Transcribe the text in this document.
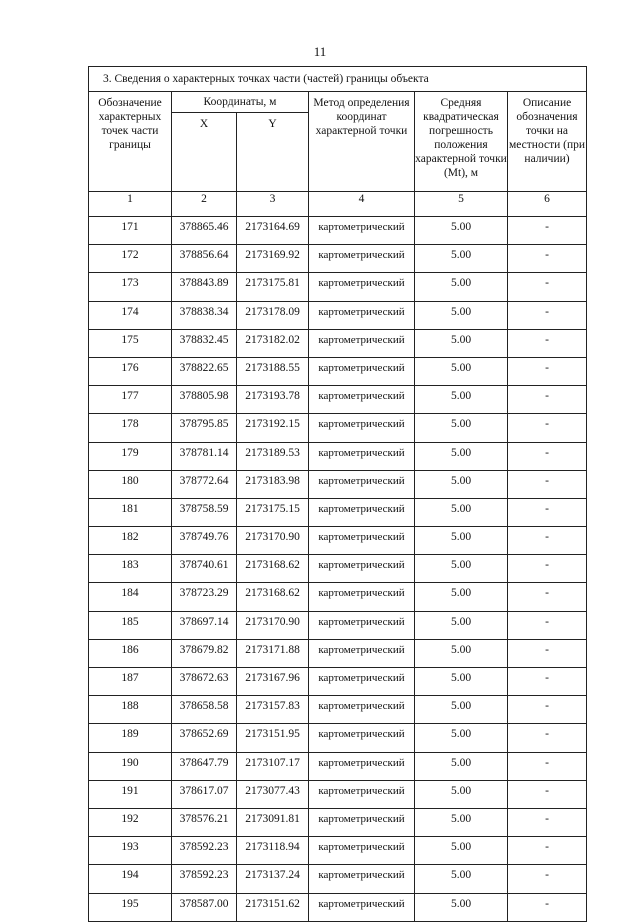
11
3. Сведения о характерных точках части (частей) границы объекта					
Обозначение характерных точек части границы	Координаты, м		Метод определения координат характерной точки	Средняя квадратическая погрешность положения характерной точки (Mt), м	Описание обозначения точки на местности (при наличии)
	X	Y			
1	2	3	4	5	6
171	378865.46	2173164.69	картометрический	5.00	-
172	378856.64	2173169.92	картометрический	5.00	-
173	378843.89	2173175.81	картометрический	5.00	-
174	378838.34	2173178.09	картометрический	5.00	-
175	378832.45	2173182.02	картометрический	5.00	-
176	378822.65	2173188.55	картометрический	5.00	-
177	378805.98	2173193.78	картометрический	5.00	-
178	378795.85	2173192.15	картометрический	5.00	-
179	378781.14	2173189.53	картометрический	5.00	-
180	378772.64	2173183.98	картометрический	5.00	-
181	378758.59	2173175.15	картометрический	5.00	-
182	378749.76	2173170.90	картометрический	5.00	-
183	378740.61	2173168.62	картометрический	5.00	-
184	378723.29	2173168.62	картометрический	5.00	-
185	378697.14	2173170.90	картометрический	5.00	-
186	378679.82	2173171.88	картометрический	5.00	-
187	378672.63	2173167.96	картометрический	5.00	-
188	378658.58	2173157.83	картометрический	5.00	-
189	378652.69	2173151.95	картометрический	5.00	-
190	378647.79	2173107.17	картометрический	5.00	-
191	378617.07	2173077.43	картометрический	5.00	-
192	378576.21	2173091.81	картометрический	5.00	-
193	378592.23	2173118.94	картометрический	5.00	-
194	378592.23	2173137.24	картометрический	5.00	-
195	378587.00	2173151.62	картометрический	5.00	-
